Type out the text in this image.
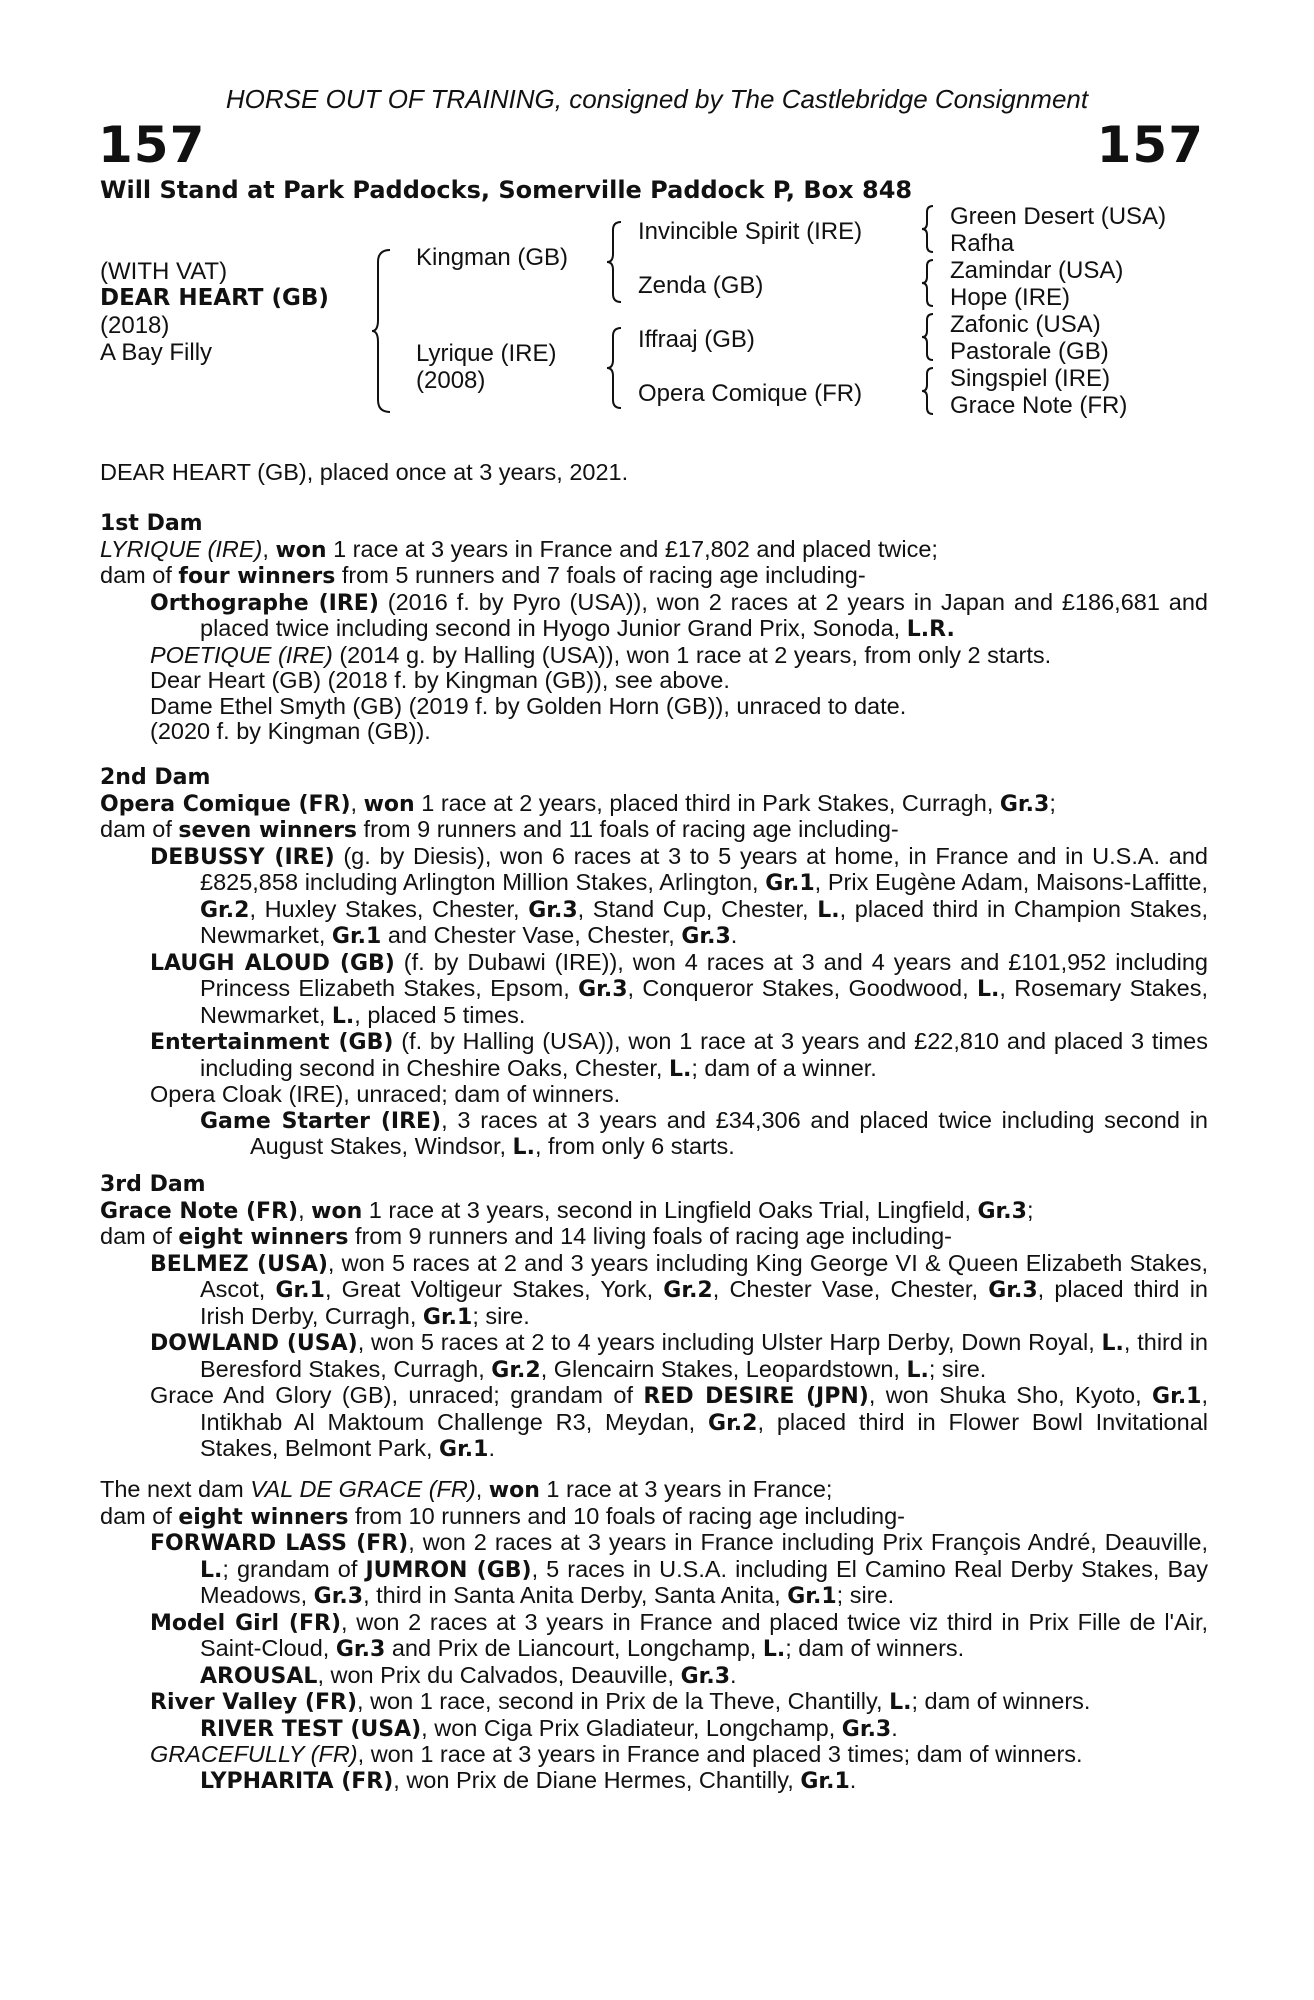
HORSE OUT OF TRAINING, consigned by The Castlebridge Consignment
157	157
Will Stand at Park Paddocks, Somerville Paddock P, Box 848
(WITH VAT)
DEAR HEART (GB)
(2018)
A Bay Filly
Kingman (GB)
Lyrique (IRE)
(2008)
Invincible Spirit (IRE)
Zenda (GB)
Iffraaj (GB)
Opera Comique (FR)
Green Desert (USA)
Rafha
Zamindar (USA)
Hope (IRE)
Zafonic (USA)
Pastorale (GB)
Singspiel (IRE)
Grace Note (FR)
DEAR HEART (GB), placed once at 3 years, 2021.
1st Dam

LYRIQUE (IRE), won 1 race at 3 years in France and £17,802 and placed twice;

dam of four winners from 5 runners and 7 foals of racing age including-

Orthographe (IRE) (2016 f. by Pyro (USA)), won 2 races at 2 years in Japan and £186,681 and placed twice including second in Hyogo Junior Grand Prix, Sonoda, L.R.

POETIQUE (IRE) (2014 g. by Halling (USA)), won 1 race at 2 years, from only 2 starts.

Dear Heart (GB) (2018 f. by Kingman (GB)), see above.

Dame Ethel Smyth (GB) (2019 f. by Golden Horn (GB)), unraced to date.

(2020 f. by Kingman (GB)).

2nd Dam

Opera Comique (FR), won 1 race at 2 years, placed third in Park Stakes, Curragh, Gr.3;

dam of seven winners from 9 runners and 11 foals of racing age including-

DEBUSSY (IRE) (g. by Diesis), won 6 races at 3 to 5 years at home, in France and in U.S.A. and £825,858 including Arlington Million Stakes, Arlington, Gr.1, Prix Eugène Adam, Maisons-Laffitte, Gr.2, Huxley Stakes, Chester, Gr.3, Stand Cup, Chester, L., placed third in Champion Stakes, Newmarket, Gr.1 and Chester Vase, Chester, Gr.3.

LAUGH ALOUD (GB) (f. by Dubawi (IRE)), won 4 races at 3 and 4 years and £101,952 including Princess Elizabeth Stakes, Epsom, Gr.3, Conqueror Stakes, Goodwood, L., Rosemary Stakes, Newmarket, L., placed 5 times.

Entertainment (GB) (f. by Halling (USA)), won 1 race at 3 years and £22,810 and placed 3 times including second in Cheshire Oaks, Chester, L.; dam of a winner.

Opera Cloak (IRE), unraced; dam of winners.

Game Starter (IRE), 3 races at 3 years and £34,306 and placed twice including second in August Stakes, Windsor, L., from only 6 starts.

3rd Dam

Grace Note (FR), won 1 race at 3 years, second in Lingfield Oaks Trial, Lingfield, Gr.3;

dam of eight winners from 9 runners and 14 living foals of racing age including-

BELMEZ (USA), won 5 races at 2 and 3 years including King George VI & Queen Elizabeth Stakes, Ascot, Gr.1, Great Voltigeur Stakes, York, Gr.2, Chester Vase, Chester, Gr.3, placed third in Irish Derby, Curragh, Gr.1; sire.

DOWLAND (USA), won 5 races at 2 to 4 years including Ulster Harp Derby, Down Royal, L., third in Beresford Stakes, Curragh, Gr.2, Glencairn Stakes, Leopardstown, L.; sire.

Grace And Glory (GB), unraced; grandam of RED DESIRE (JPN), won Shuka Sho, Kyoto, Gr.1, Intikhab Al Maktoum Challenge R3, Meydan, Gr.2, placed third in Flower Bowl Invitational Stakes, Belmont Park, Gr.1.

The next dam VAL DE GRACE (FR), won 1 race at 3 years in France;

dam of eight winners from 10 runners and 10 foals of racing age including-

FORWARD LASS (FR), won 2 races at 3 years in France including Prix François André, Deauville, L.; grandam of JUMRON (GB), 5 races in U.S.A. including El Camino Real Derby Stakes, Bay Meadows, Gr.3, third in Santa Anita Derby, Santa Anita, Gr.1; sire.

Model Girl (FR), won 2 races at 3 years in France and placed twice viz third in Prix Fille de l'Air, Saint-Cloud, Gr.3 and Prix de Liancourt, Longchamp, L.; dam of winners.

AROUSAL, won Prix du Calvados, Deauville, Gr.3.

River Valley (FR), won 1 race, second in Prix de la Theve, Chantilly, L.; dam of winners.

RIVER TEST (USA), won Ciga Prix Gladiateur, Longchamp, Gr.3.

GRACEFULLY (FR), won 1 race at 3 years in France and placed 3 times; dam of winners.

LYPHARITA (FR), won Prix de Diane Hermes, Chantilly, Gr.1.
